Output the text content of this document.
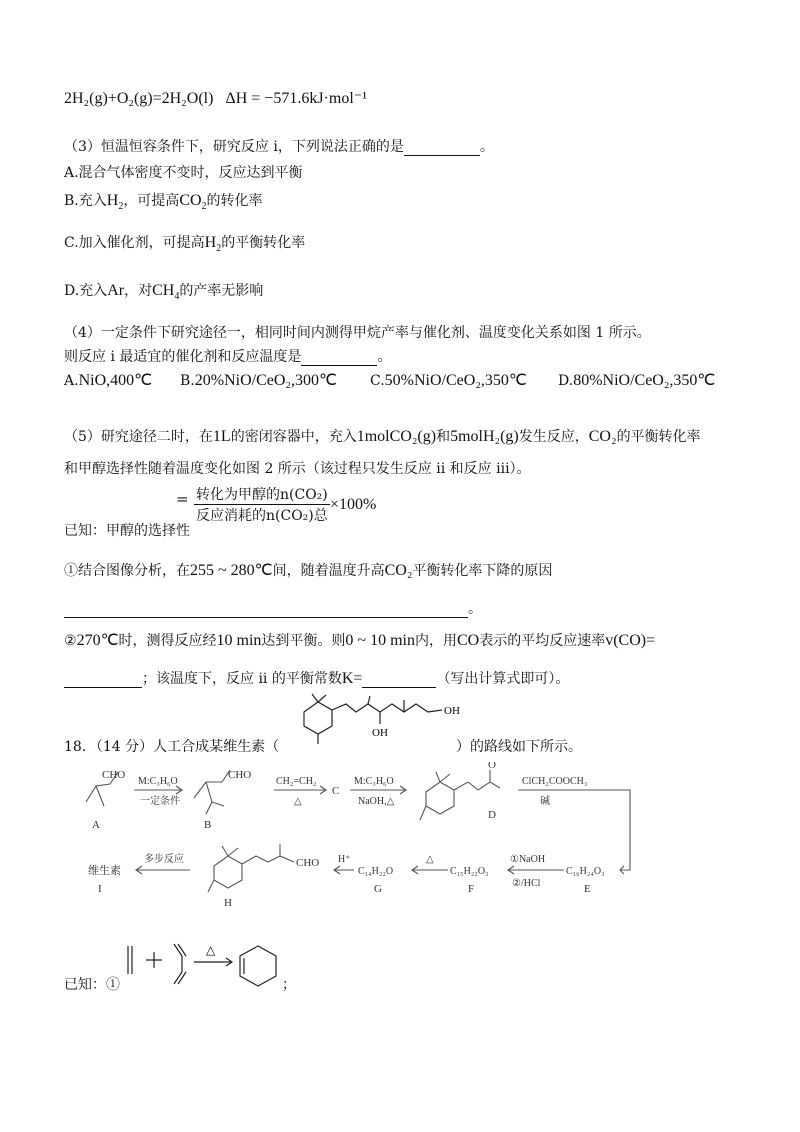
2H₂(g)+O₂(g)=2H₂O(l) ΔH = −571.6kJ·mol⁻¹
（3）恒温恒容条件下，研究反应 i，下列说法正确的是	。
A.混合气体密度不变时，反应达到平衡
B.充入$H_2$，可提高$CO_2$的转化率
C.加入催化剂，可提高$H_2$的平衡转化率
D.充入Ar，对$CH_4$的产率无影响
（4）一定条件下研究途径一，相同时间内测得甲烷产率与催化剂、温度变化关系如图 1 所示。
则反应 i 最适宜的催化剂和反应温度是	。
A.NiO,400℃ B.20%NiO/CeO₂,300℃ C.50%NiO/CeO₂,350℃ D.80%NiO/CeO₂,350℃
（5）研究途径二时，在1L的密闭容器中，充入1molCO₂(g)和5molH₂(g)发生反应，CO₂的平衡转化率
和甲醇选择性随着温度变化如图 2 所示（该过程只发生反应 ii 和反应 iii）。
已知：甲醇的选择性
= 转化为甲醇的n(CO₂)
反应消耗的n(CO₂)总
×100%
①结合图像分析，在255 ~ 280℃间，随着温度升高CO₂平衡转化率下降的原因
。
②270℃时，测得反应经10 min达到平衡。则0 ~ 10 min内，用CO表示的平均反应速率v(CO)=
；该温度下，反应 ii 的平衡常数K=	（写出计算式即可）。
18．（14 分）人工合成某维生素（	）的路线如下所示。
OH
OH
CHO
A
M:C₃H₆O
一定条件
CHO
B
CH₂=CH₂
△
C
M:C₃H₆O
NaOH,△
O
D
ClCH₂COOCH₃
碱
C₁₆H₂₄O₃
E
①NaOH
②/HCl
C₁₅H₂₂O₃
F
△
C₁₄H₂₂O
G
H⁺
CHO
H
多步反应
维生素
I
已知：①
△
；
